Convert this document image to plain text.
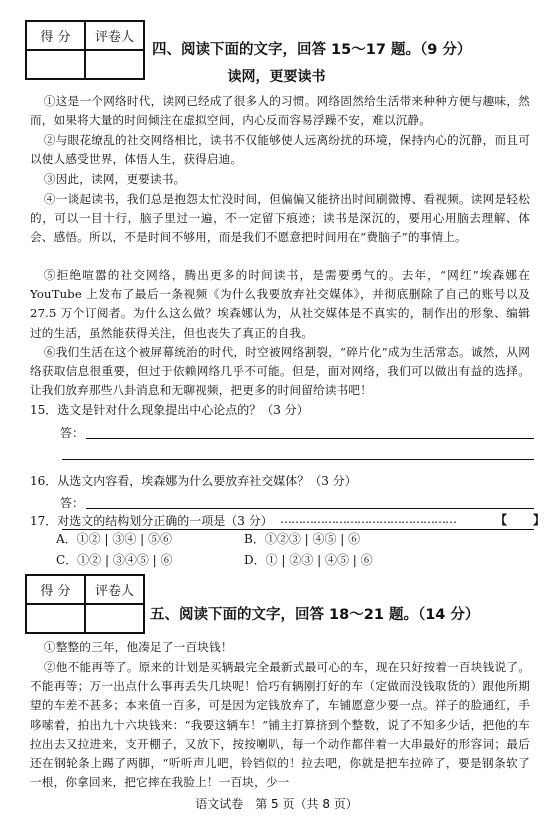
得 分	评卷人
四、阅读下面的文字，回答 15～17 题。（9 分）
读网，更要读书
①这是一个网络时代，读网已经成了很多人的习惯。网络固然给生活带来种种方便与趣味，然而，如果将大量的时间倾注在虚拟空间，内心反而容易浮躁不安，难以沉静。
②与眼花缭乱的社交网络相比，读书不仅能够使人远离纷扰的环境，保持内心的沉静，而且可以使人感受世界，体悟人生，获得启迪。
③因此，读网，更要读书。
④一谈起读书，我们总是抱怨太忙没时间，但偏偏又能挤出时间刷微博、看视频。读网是轻松的，可以一目十行，脑子里过一遍，不一定留下痕迹；读书是深沉的，要用心用脑去理解、体会、感悟。所以，不是时间不够用，而是我们不愿意把时间用在“费脑子”的事情上。
⑤拒绝喧嚣的社交网络，腾出更多的时间读书，是需要勇气的。去年，“网红”埃森娜在 YouTube 上发布了最后一条视频《为什么我要放弃社交媒体》，并彻底删除了自己的账号以及 27.5 万个订阅者。为什么这么做？埃森娜认为，从社交媒体是不真实的，制作出的形象、编辑过的生活，虽然能获得关注，但也丧失了真正的自我。
⑥我们生活在这个被屏幕统治的时代，时空被网络割裂，“碎片化”成为生活常态。诚然，从网络获取信息很重要，但过于依赖网络几乎不可能。但是，面对网络，我们可以做出有益的选择。让我们放弃那些八卦消息和无聊视频，把更多的时间留给读书吧！
15．选文是针对什么现象提出中心论点的？（3 分）
答：
16．从选文内容看，埃森娜为什么要放弃社交媒体？（3 分）
答：
17．对选文的结构划分正确的一项是（3 分） …………………………………………	【 】
A．①② | ③④ | ⑤⑥	B．①②③ | ④⑤ | ⑥
C．①② | ③④⑤ | ⑥	D．① | ②③ | ④⑤ | ⑥
得 分	评卷人
五、阅读下面的文字，回答 18～21 题。（14 分）
①整整的三年，他凑足了一百块钱！
②他不能再等了。原来的计划是买辆最完全最新式最可心的车，现在只好按着一百块钱说了。不能再等；万一出点什么事再丢失几块呢！恰巧有辆刚打好的车（定做而没钱取货的）跟他所期望的车差不甚多；本来值一百多，可是因为定钱放弃了，车铺愿意少要一点。祥子的脸通红，手哆嗦着，拍出九十六块钱来：“我要这辆车！”铺主打算挤到个整数，说了不知多少话，把他的车拉出去又拉进来，支开棚子，又放下，按按喇叭，每一个动作都伴着一大串最好的形容词；最后还在钢轮条上踢了两脚，“听听声儿吧，铃铛似的！拉去吧，你就是把车拉碎了，要是钢条软了一根，你拿回来，把它摔在我脸上！一百块，少一
语文试卷　第 5 页（共 8 页）
